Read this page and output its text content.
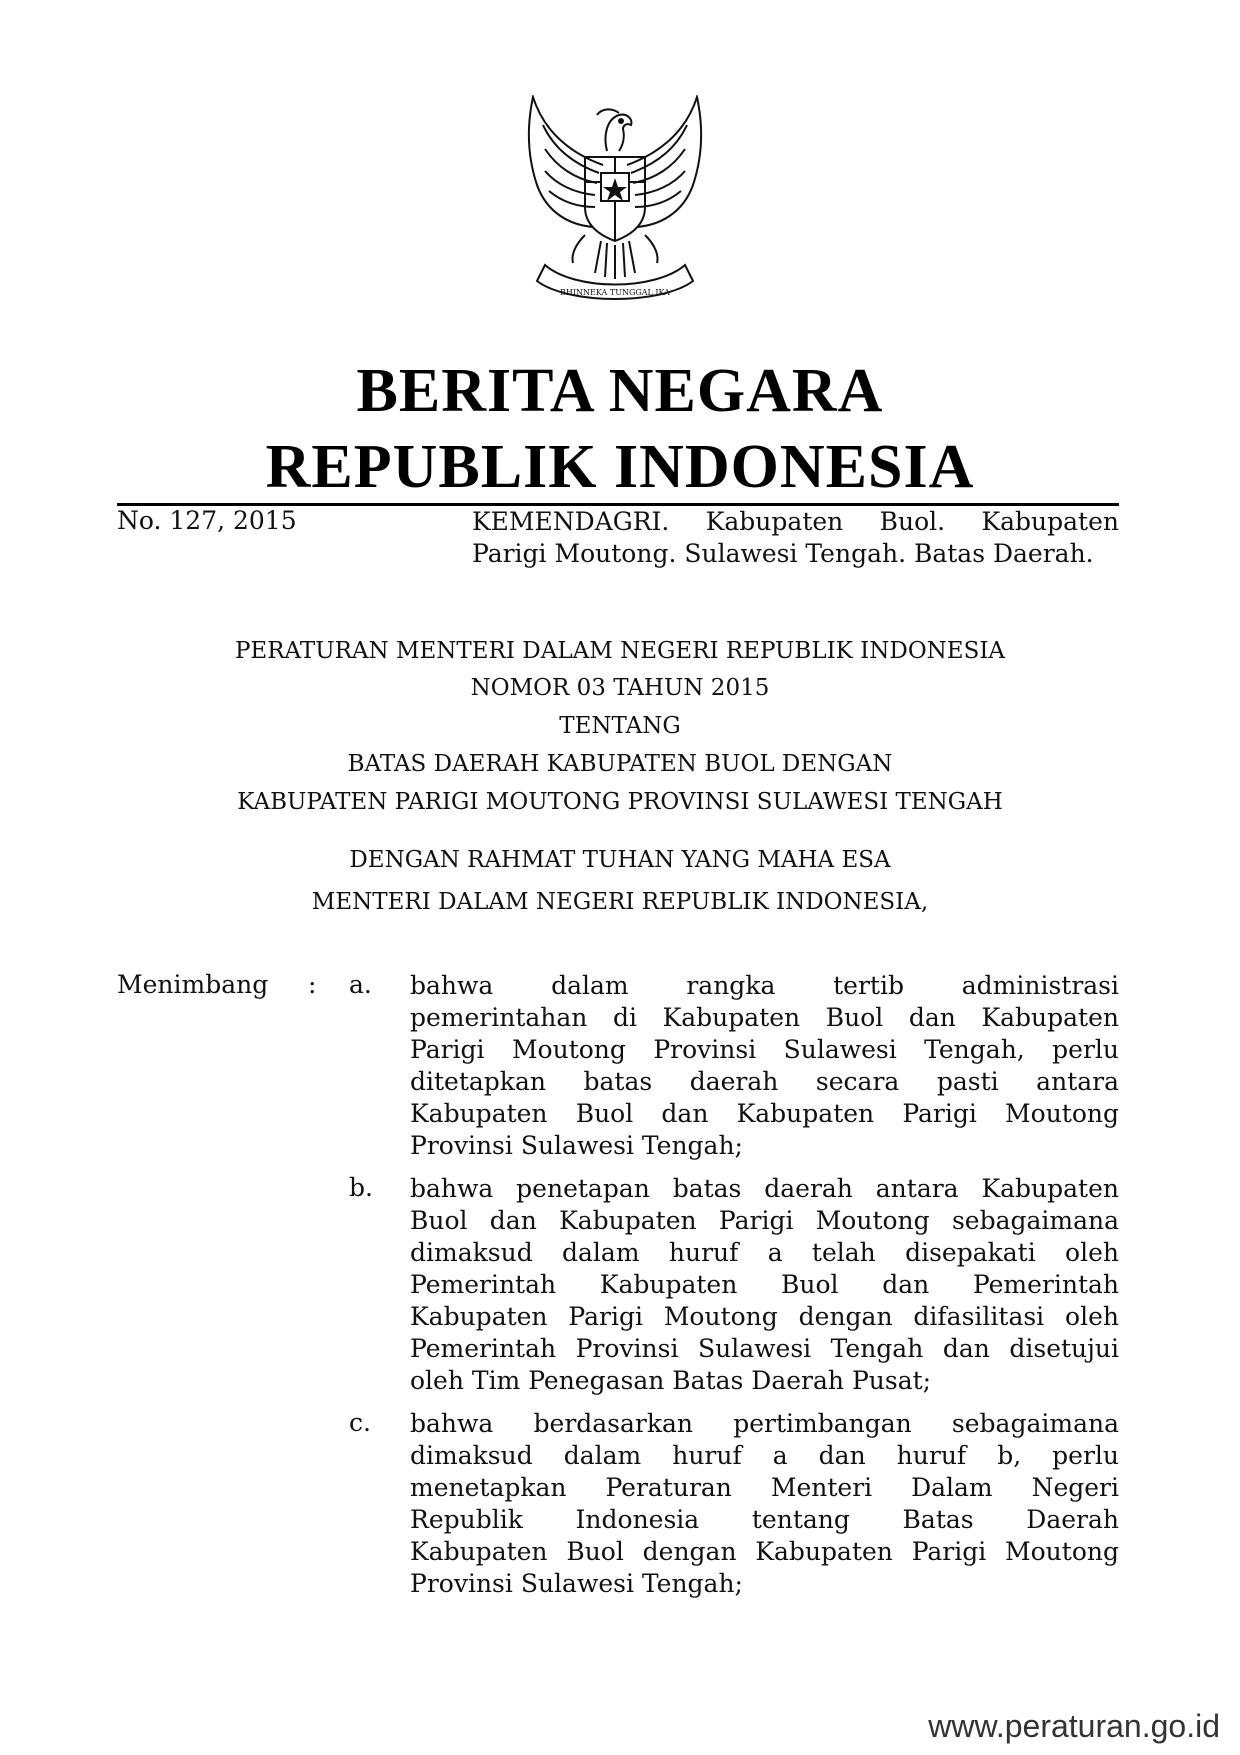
BHINNEKA TUNGGAL IKA
BERITA NEGARA
REPUBLIK INDONESIA
No. 127, 2015	KEMENDAGRI. Kabupaten Buol. Kabupaten
Parigi Moutong. Sulawesi Tengah. Batas Daerah.
PERATURAN MENTERI DALAM NEGERI REPUBLIK INDONESIA
NOMOR 03 TAHUN 2015
TENTANG
BATAS DAERAH KABUPATEN BUOL DENGAN
KABUPATEN PARIGI MOUTONG PROVINSI SULAWESI TENGAH
DENGAN RAHMAT TUHAN YANG MAHA ESA
MENTERI DALAM NEGERI REPUBLIK INDONESIA,
Menimbang : a. bahwa dalam rangka tertib administrasi
pemerintahan di Kabupaten Buol dan Kabupaten
Parigi Moutong Provinsi Sulawesi Tengah, perlu
ditetapkan batas daerah secara pasti antara
Kabupaten Buol dan Kabupaten Parigi Moutong
Provinsi Sulawesi Tengah;
b. bahwa penetapan batas daerah antara Kabupaten
Buol dan Kabupaten Parigi Moutong sebagaimana
dimaksud dalam huruf a telah disepakati oleh
Pemerintah Kabupaten Buol dan Pemerintah
Kabupaten Parigi Moutong dengan difasilitasi oleh
Pemerintah Provinsi Sulawesi Tengah dan disetujui
oleh Tim Penegasan Batas Daerah Pusat;
c. bahwa berdasarkan pertimbangan sebagaimana
dimaksud dalam huruf a dan huruf b, perlu
menetapkan Peraturan Menteri Dalam Negeri
Republik Indonesia tentang Batas Daerah
Kabupaten Buol dengan Kabupaten Parigi Moutong
Provinsi Sulawesi Tengah;
www.peraturan.go.id
